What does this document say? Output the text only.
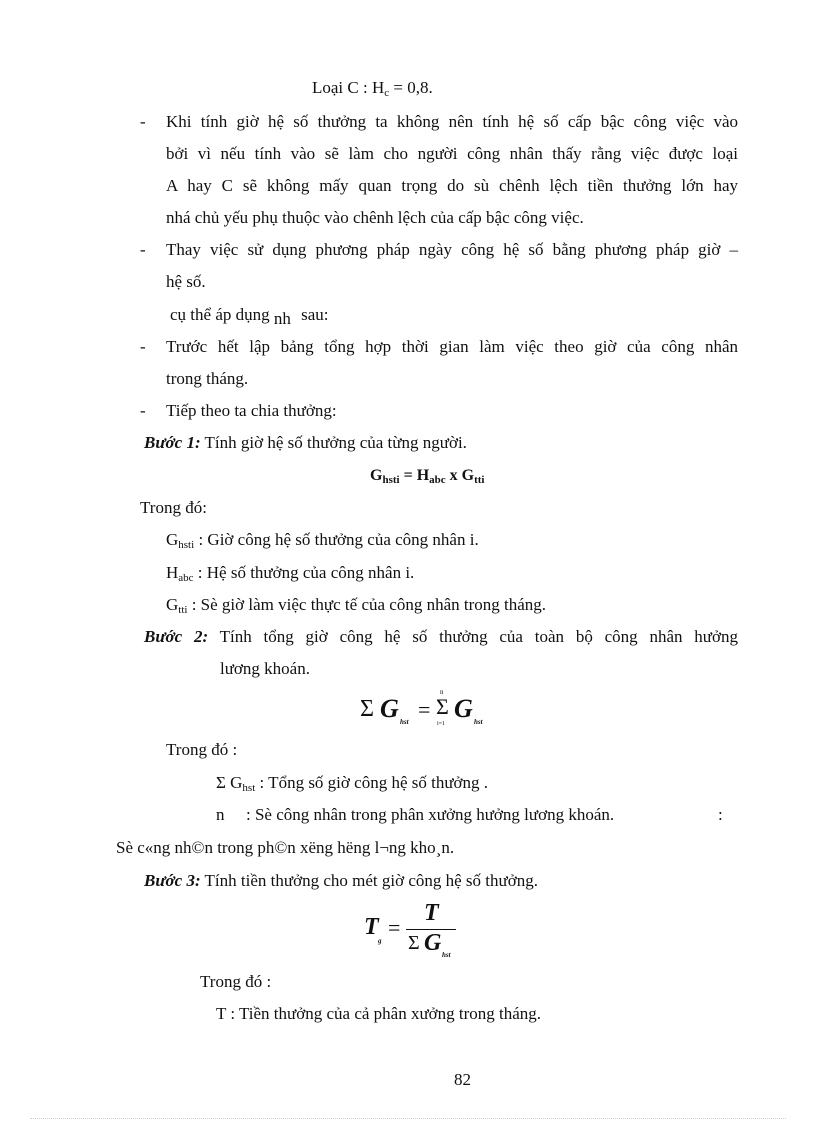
Loại C : $H_c = 0,8$.
- Khi tính giờ hệ số thưởng ta không nên tính hệ số cấp bậc công việc vào
bởi vì nếu tính vào sẽ làm cho người công nhân thấy rằng việc được loại
A hay C sẽ không mấy quan trọng do sù chênh lệch tiền thưởng lớn hay
nhá chủ yếu phụ thuộc vào chênh lệch của cấp bậc công việc.
- Thay việc sử dụng phương pháp ngày công hệ số bằng phương pháp giờ –
hệ số.
cụ thể áp dụng nh sau:
- Trước hết lập bảng tổng hợp thời gian làm việc theo giờ của công nhân
trong tháng.
- Tiếp theo ta chia thưởng:
Bước 1: Tính giờ hệ số thưởng của từng người.
$G_{hsti} = H_{abc}$ x $G_{tti}$
Trong đó:
$G_{hsti}$ : Giờ công hệ số thưởng của công nhân i.
$H_{abc}$ : Hệ số thưởng của công nhân i.
$G_{tti}$ : Sè giờ làm việc thực tế của công nhân trong tháng.
Bước 2: Tính tổng giờ công hệ số thưởng của toàn bộ công nhân hưởng
lương khoán.
Σ G hst =
n
Σ
i=1
G hst
Trong đó :
Σ $G_{hst}$ : Tổng số giờ công hệ số thưởng .
n : Sè công nhân trong phân xưởng hưởng lương khoán.	:
Sè c«ng nh©n trong ph©n xëng hëng l¬ng kho¸n.
Bước 3: Tính tiền thưởng cho mét giờ công hệ số thưởng.
T
g
=
T
Σ G hst
Trong đó :
T : Tiền thưởng của cả phân xưởng trong tháng.
82
